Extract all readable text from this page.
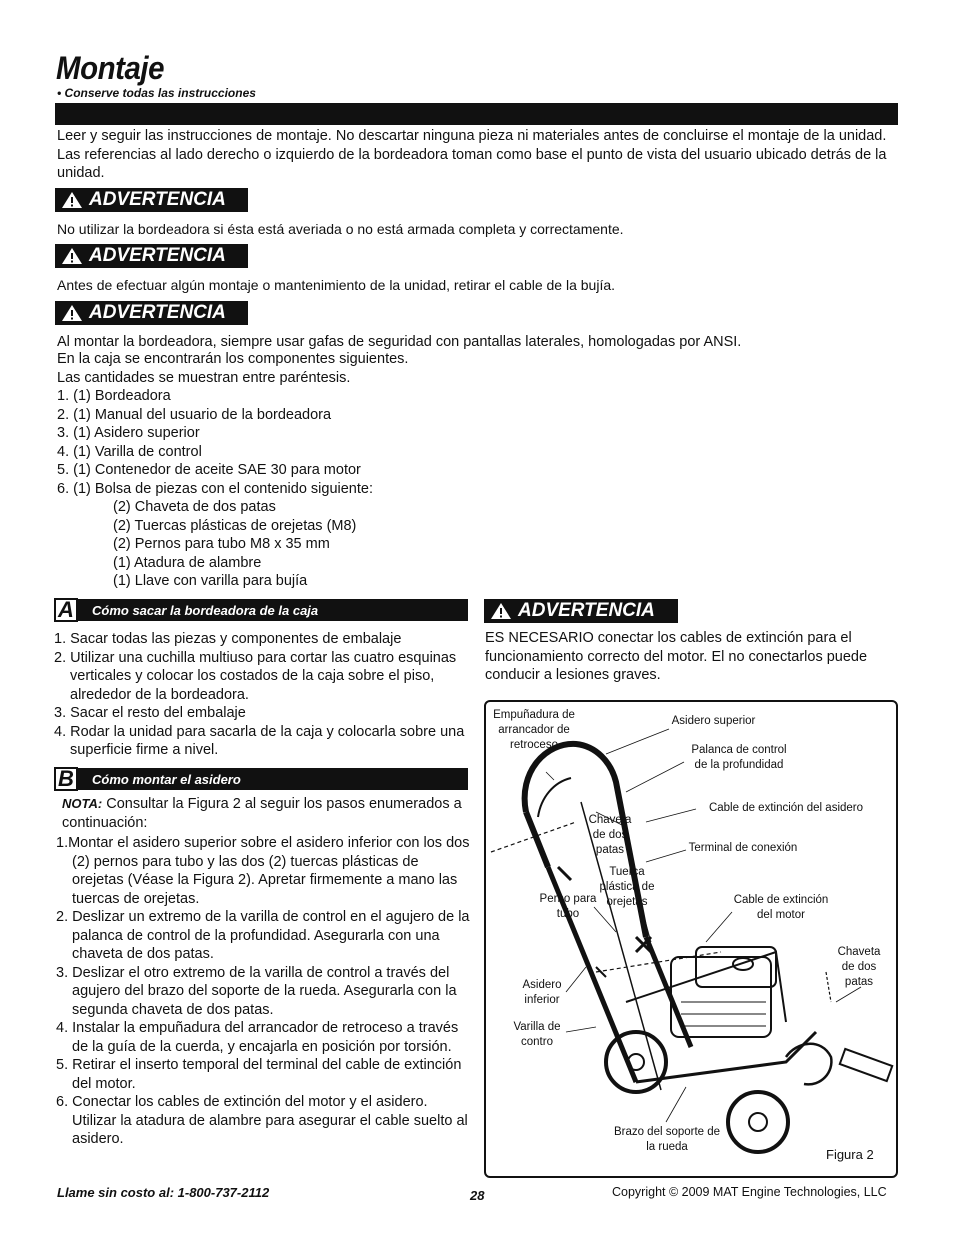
Montaje
• Conserve todas las instrucciones

Leer y seguir las instrucciones de montaje. No descartar ninguna pieza ni materiales antes de concluirse el montaje de la unidad. Las referencias al lado derecho o izquierdo de la bordeadora toman como base el punto de vista del usuario ubicado detrás de la unidad.

ADVERTENCIA

No utilizar la bordeadora si ésta está averiada o no está armada completa y correctamente.

ADVERTENCIA

Antes de efectuar algún montaje o mantenimiento de la unidad, retirar el cable de la bujía.

ADVERTENCIA

Al montar la bordeadora, siempre usar gafas de seguridad con pantallas laterales, homologadas por ANSI.

En la caja se encontrarán los componentes siguientes.
Las cantidades se muestran entre paréntesis.
1. (1) Bordeadora
2. (1) Manual del usuario de la bordeadora
3. (1) Asidero superior
4. (1) Varilla de control
5. (1) Contenedor de aceite SAE 30 para motor
6. (1) Bolsa de piezas con el contenido siguiente:
(2) Chaveta de dos patas
(2) Tuercas plásticas de orejetas (M8)
(2) Pernos para tubo M8 x 35 mm
(1) Atadura de alambre
(1) Llave con varilla para bujía
A	Cómo sacar la bordeadora de la caja
1. Sacar todas las piezas y componentes de embalaje
2. Utilizar una cuchilla multiuso para cortar las cuatro esquinas verticales y colocar los costados de la caja sobre el piso, alrededor de la bordeadora.
3. Sacar el resto del embalaje
4. Rodar la unidad para sacarla de la caja y colocarla sobre una superficie firme a nivel.
B	Cómo montar el asidero
NOTA: Consultar la Figura 2 al seguir los pasos enumerados a continuación:
1.Montar el asidero superior sobre el asidero inferior con los dos (2) pernos para tubo y las dos (2) tuercas plásticas de orejetas (Véase la Figura 2). Apretar firmemente a mano las tuercas de orejetas.
2. Deslizar un extremo de la varilla de control en el agujero de la palanca de control de la profundidad. Asegurarla con una chaveta de dos patas.
3. Deslizar el otro extremo de la varilla de control a través del agujero del brazo del soporte de la rueda. Asegurarla con la segunda chaveta de dos patas.
4. Instalar la empuñadura del arrancador de retroceso a través de la guía de la cuerda, y encajarla en posición por torsión.
5. Retirar el inserto temporal del terminal del cable de extinción del motor.
6. Conectar los cables de extinción del motor y el asidero. Utilizar la atadura de alambre para asegurar el cable suelto al asidero.
ADVERTENCIA

ES NECESARIO conectar los cables de extinción para el funcionamiento correcto del motor. El no conectarlos puede conducir a lesiones graves.

Empuñadura de arrancador de retroceso
Asidero superior
Palanca de control de la profundidad
Cable de extinción del asidero
Chaveta de dos patas	Terminal de conexión
Tuerca plástica de orejetas
Perno para tubo
Cable de extinción del motor
Chaveta de dos patas
Asidero inferior
Varilla de contro
Brazo del soporte de la rueda	Figura 2
Llame sin costo al: 1-800-737-2112	28	Copyright © 2009 MAT Engine Technologies, LLC
